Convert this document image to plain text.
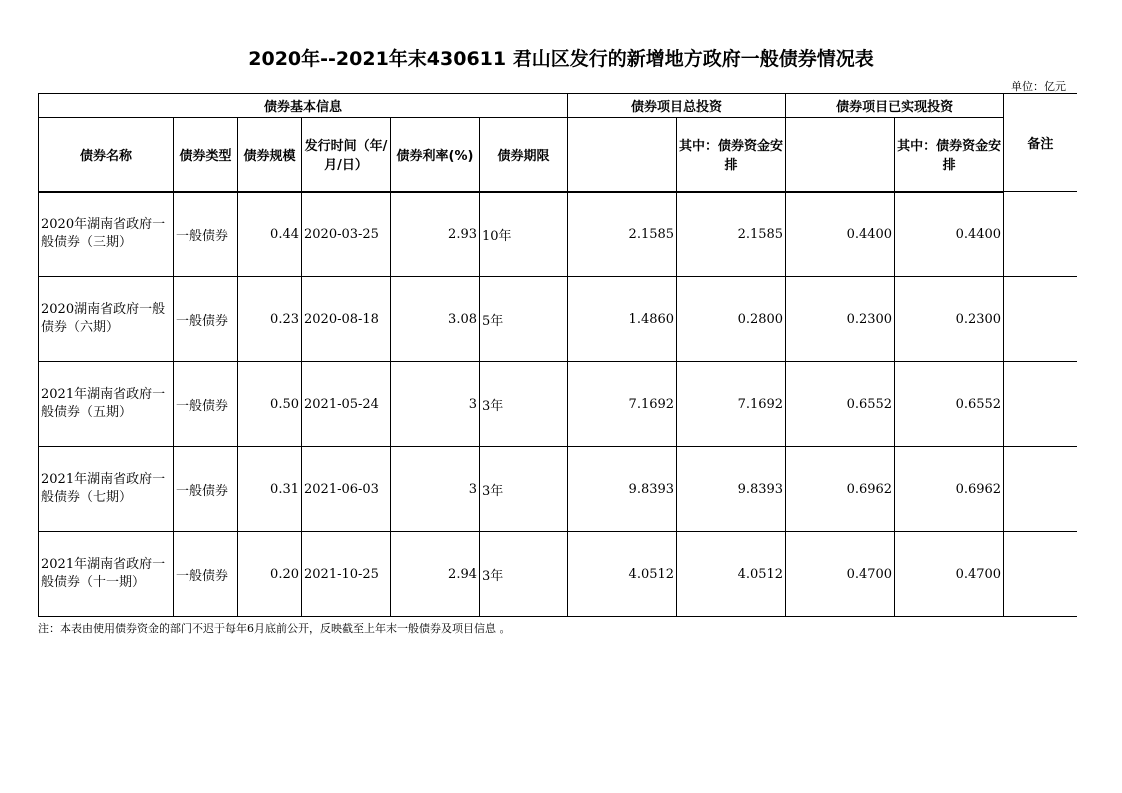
2020年--2021年末430611 君山区发行的新增地方政府一般债券情况表
单位：亿元
债券基本信息						债券项目总投资		债券项目已实现投资		备注
债券名称	债券类型	债券规模	发行时间（年/月/日）	债券利率(%)	债券期限		其中：债券资金安排		其中：债券资金安排	
2020年湖南省政府一般债券（三期）	一般债券	0.44	2020-03-25	2.93	10年	2.1585	2.1585	0.4400	0.4400	
2020湖南省政府一般债券（六期）	一般债券	0.23	2020-08-18	3.08	5年	1.4860	0.2800	0.2300	0.2300	
2021年湖南省政府一般债券（五期）	一般债券	0.50	2021-05-24	3	3年	7.1692	7.1692	0.6552	0.6552	
2021年湖南省政府一般债券（七期）	一般债券	0.31	2021-06-03	3	3年	9.8393	9.8393	0.6962	0.6962	
2021年湖南省政府一般债券（十一期）	一般债券	0.20	2021-10-25	2.94	3年	4.0512	4.0512	0.4700	0.4700	
注：本表由使用债券资金的部门不迟于每年6月底前公开，反映截至上年末一般债券及项目信息 。
